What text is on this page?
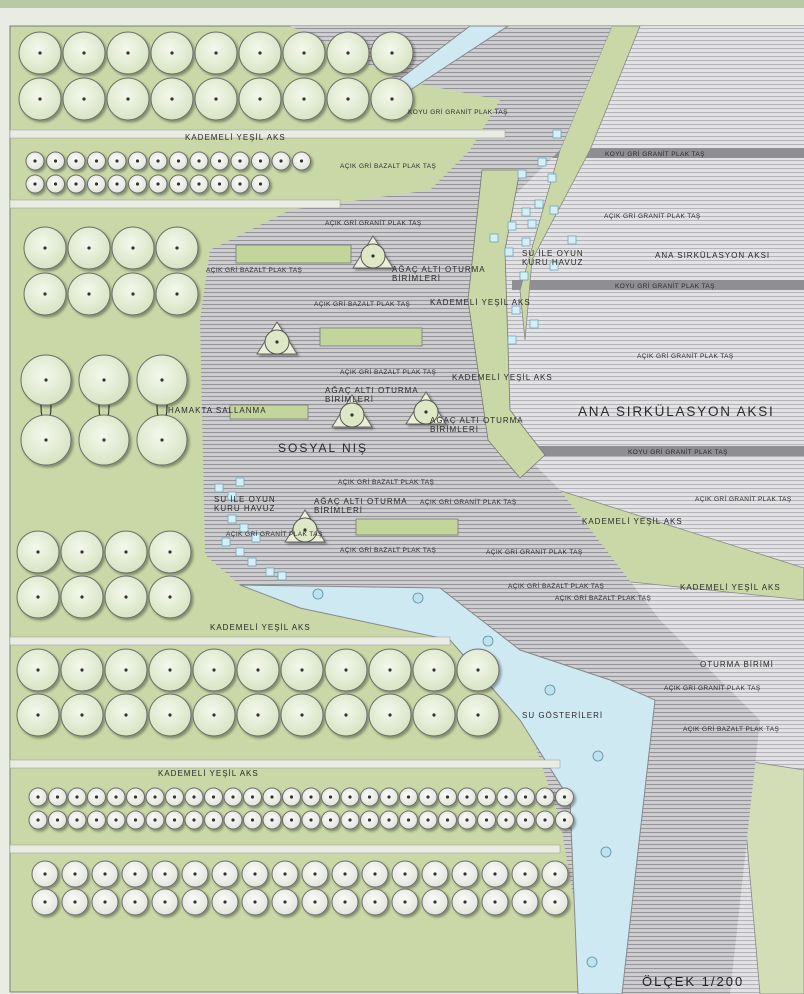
KADEMELİ YEŞİL AKS
KADEMELİ YEŞİL AKS
KADEMELİ YEŞİL AKS
KADEMELİ YEŞİL AKS
KADEMELİ YEŞİL AKS
KADEMELİ YEŞİL AKS
KADEMELİ YEŞİL AKS
HAMAKTA SALLANMA
SOSYAL NIŞ
ANA SIRKÜLASYON AKSI
ANA SIRKÜLASYON AKSI
SU GÖSTERİLERİ
OTURMA BİRİMİ
SU İLE OYUN
KURU HAVUZ
SU İLE OYUN
KURU HAVUZ
AĞAÇ ALTI OTURMA
BİRİMLERİ
AĞAÇ ALTI OTURMA
BİRİMLERİ
AĞAÇ ALTI OTURMA
BİRİMLERİ
AĞAÇ ALTI OTURMA
BİRİMLERİ
KOYU GRİ GRANİT PLAK TAŞ
KOYU GRİ GRANİT PLAK TAŞ
KOYU GRİ GRANİT PLAK TAŞ
KOYU GRİ GRANİT PLAK TAŞ
AÇIK GRİ BAZALT PLAK TAŞ
AÇIK GRİ BAZALT PLAK TAŞ
AÇIK GRİ BAZALT PLAK TAŞ
AÇIK GRİ BAZALT PLAK TAŞ
AÇIK GRİ BAZALT PLAK TAŞ
AÇIK GRİ BAZALT PLAK TAŞ
AÇIK GRİ BAZALT PLAK TAŞ
AÇIK GRİ BAZALT PLAK TAŞ
AÇIK GRİ BAZALT PLAK TAŞ
AÇIK GRİ GRANİT PLAK TAŞ
AÇIK GRİ GRANİT PLAK TAŞ
AÇIK GRİ GRANİT PLAK TAŞ
AÇIK GRİ GRANİT PLAK TAŞ	AÇIK GRİ GRANİT PLAK TAŞ
AÇIK GRİ GRANİT PLAK TAŞ
AÇIK GRİ GRANİT PLAK TAŞ
AÇIK GRİ GRANİT PLAK TAŞ
ÖLÇEK 1/200
